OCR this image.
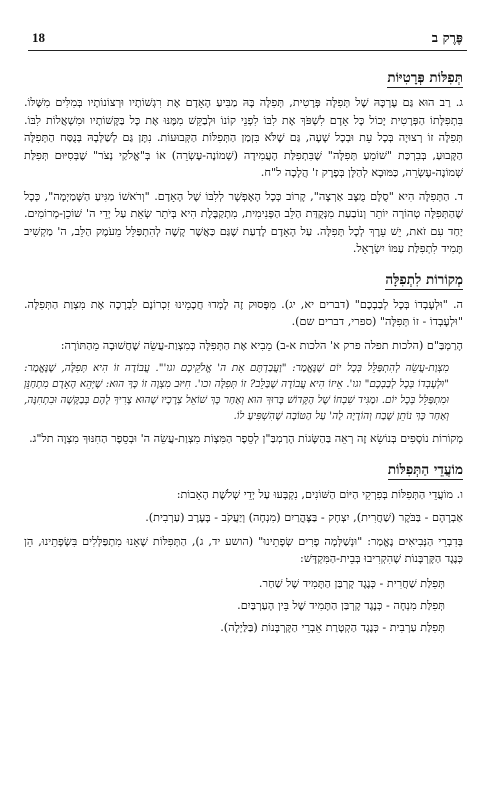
18	פֶּרֶק ב
תְּפִלּוֹת פְּרָטִיּוֹת

ג. רַב הוּא גַּם עֶרְכָּהּ שֶׁל תְּפִלָּה פְּרָטִית, תְּפִלָּה בָּהּ מַבִּיעַ הָאָדָם אֶת רִגְשׁוֹתָיו וּרְצוֹנוֹתָיו בְּמִלִּים מִשֶּׁלּוֹ. בִּתְפִלָּתוֹ הַפְּרָטִית יָכוֹל כָּל אָדָם לִשְׁפֹּךְ אֶת לִבּוֹ לִפְנֵי קוֹנוֹ וּלְבַקֵּשׁ מִמֶּנּוּ אֶת כָּל בַּקָּשׁוֹתָיו וּמִשְׁאֲלוֹת לִבּוֹ. תְּפִלָּה זוֹ רְצוּיָה בְּכָל עֵת וּבְכָל שָׁעָה, גַּם שֶׁלֹּא בִּזְמַן הַתְּפִלּוֹת הַקְּבוּעוֹת. נִתָּן גַּם לְשַׁלְּבָהּ בְּנֻסַּח הַתְּפִלָּה הַקָּבוּעַ, בְּבִרְכַּת "שׁוֹמֵעַ תְּפִלָּה" שֶׁבִּתְפִלַּת הָעֲמִידָה (שְׁמוֹנֶה-עֶשְׂרֵה) אוֹ בְּ"אֱלֹקַי נְצֹר" שֶׁבְּסִיּוּם תְּפִלַּת שְׁמוֹנֶה-עֶשְׂרֵה, כַּמּוּבָא לְהַלָּן בְּפֶרֶק ז' הֲלָכָה ל"ח.

ד. הַתְּפִלָּה הִיא "סֻלָּם מֻצָּב אַרְצָה", קָרוֹב כְּכָל הָאֶפְשָׁר לְלִבּוֹ שֶׁל הָאָדָם. "וְרֹאשׁוֹ מַגִּיעַ הַשָּׁמַיְמָה", כְּכָל שֶׁהַתְּפִלָּה טְהוֹרָה יוֹתֵר וְנוֹבַעַת מִנְּקֻדַּת הַלֵּב הַפְּנִימִית, מִתְקַבֶּלֶת הִיא בְּיֹתֵר שְׂאֵת עַל יְדֵי ה' שׁוֹכֵן-מְרוֹמִים. יַחַד עִם זֹאת, יֵשׁ עֵרֶךְ לְכָל תְּפִלָּה. עַל הָאָדָם לָדַעַת שֶׁגַּם כַּאֲשֶׁר קָשֶׁה לְהִתְפַּלֵּל מֵעֹמֶק הַלֵּב, ה' מַקְשִׁיב תָּמִיד לִתְפִלַּת עַמּוֹ יִשְׂרָאֵל.

מְקוֹרוֹת לִתְפִלָּה

ה. "וּלְעָבְדוֹ בְּכָל לְבַבְכֶם" (דברים יא, יג). מִפָּסוּק זֶה לָמְדוּ חֲכָמֵינוּ זִכְרוֹנָם לִבְרָכָה אֶת מִצְוַת הַתְּפִלָּה. "וּלְעָבְדוֹ - זוֹ תְּפִלָּה" (ספרי, דברים שם).

הָרַמְבַּ"ם (הלכות תפלה פרק א' הלכות א-ב) מֵבִיא אֶת הַתְּפִלָּה כְּמִצְוַת-עֲשֵׂה שֶׁחֲשׁוּבָה מֵהַתּוֹרָה:

מִצְוַת-עֲשֵׂה לְהִתְפַּלֵּל בְּכָל יוֹם שֶׁנֶּאֱמַר: "וַעֲבַדְתֶּם אֵת ה' אֱלֹקֵיכֶם וגו'". עֲבוֹדָה זוֹ הִיא תְּפִלָּה, שֶׁנֶּאֱמַר: "וּלְעָבְדוֹ בְּכָל לְבַבְכֶם" וגו'. אֵיזוֹ הִיא עֲבוֹדָה שֶׁבַּלֵּב? זוֹ תְּפִלָּה וכו'. חִיּוּב מִצְוָה זוֹ כָּךְ הוּא: שֶׁיְּהֵא הָאָדָם מִתְחַנֵּן וּמִתְפַּלֵּל בְּכָל יוֹם. וּמַגִּיד שִׁבְחוֹ שֶׁל הַקָּדוֹשׁ בָּרוּךְ הוּא וְאַחַר כָּךְ שׁוֹאֵל צְרָכָיו שֶׁהוּא צָרִיךְ לָהֶם בְּבַקָּשָׁה וּבִתְחִנָּה, וְאַחַר כָּךְ נוֹתֵן שֶׁבַח וְהוֹדָיָה לַה' עַל הַטּוֹבָה שֶׁהִשְׁפִּיעַ לוֹ.

מְקוֹרוֹת נוֹסָפִים בְּנוֹשֵׂא זֶה רְאֵה בַּהַשָּׂגוֹת הָרַמְבַּ"ן לְסֵפֶר הַמִּצְוֹת מִצְוַת-עֲשֵׂה ה' וּבְסֵפֶר הַחִנּוּךְ מִצְוָה תל"ג.

מוֹעֲדֵי הַתְּפִלּוֹת

ו. מוֹעֲדֵי הַתְּפִלּוֹת בְּפִרְקֵי הַיּוֹם הַשּׁוֹנִים, נִקְבְּעוּ עַל יְדֵי שְׁלֹשֶׁת הָאָבוֹת:

אַבְרָהָם - בַּבֹּקֶר (שַׁחֲרִית), יִצְחָק - בַּצָּהֳרַיִם (מִנְחָה) וְיַעֲקֹב - בָּעֶרֶב (עַרְבִית).

בְּדִבְרֵי הַנְּבִיאִים נֶאֱמַר: "וּנְשַׁלְּמָה פָרִים שְׂפָתֵינוּ" (הושע יד, ג), הַתְּפִלּוֹת שֶׁאָנוּ מִתְפַּלְּלִים בִּשְׂפָתֵינוּ, הֵן כְּנֶגֶד הַקָּרְבָּנוֹת שֶׁהִקְרִיבוּ בְּבֵית-הַמִּקְדָּשׁ:

תְּפִלַּת שַׁחֲרִית - כְּנֶגֶד קָרְבַּן הַתָּמִיד שֶׁל שַׁחַר.
תְּפִלַּת מִנְחָה - כְּנֶגֶד קָרְבַּן הַתָּמִיד שֶׁל בֵּין הָעַרְבַּיִם.
תְּפִלַּת עַרְבִית - כְּנֶגֶד הַקְטָרַת אֵבְרֵי הַקָּרְבָּנוֹת (בַּלַּיְלָה).
